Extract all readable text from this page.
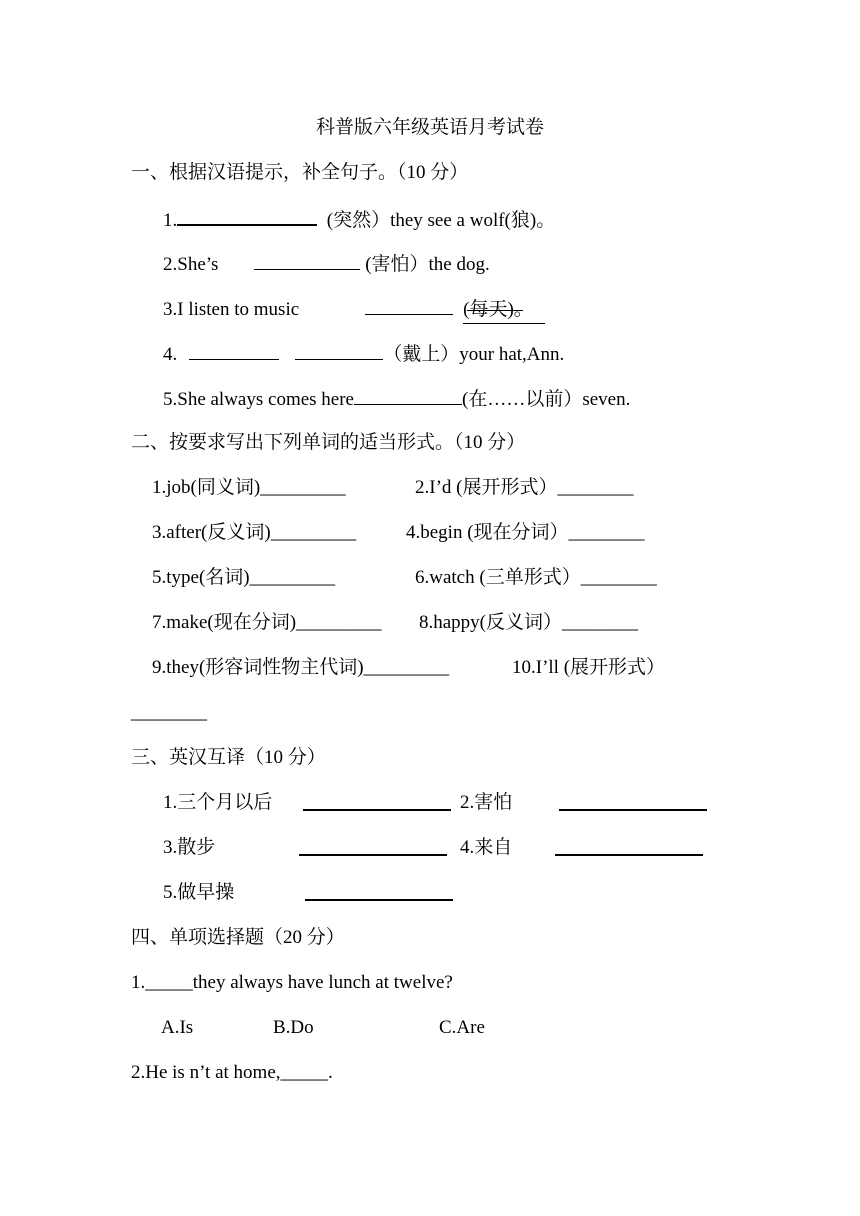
科普版六年级英语月考试卷
一、根据汉语提示，补全句子。（10 分）
1.	(突然）they see a wolf(狼)。
2.She’s	(害怕）the dog.
3.I listen to music	(每天)。
4.	（戴上）your hat,Ann.
5.She always comes here	(在……以前）seven.
二、按要求写出下列单词的适当形式。（10 分）
1.job(同义词)_________	2.I’d (展开形式）________
3.after(反义词)_________	4.begin (现在分词）________
5.type(名词)_________	6.watch (三单形式）________
7.make(现在分词)_________ 8.happy(反义词）________
9.they(形容词性物主代词)_________	10.I’ll (展开形式）
________
三、英汉互译（10 分）
1.三个月以后	2.害怕
3.散步	4.来自
5.做早操
四、单项选择题（20 分）
1._____they always have lunch at twelve?
A.Is	B.Do	C.Are
2.He is n’t at home,_____.
